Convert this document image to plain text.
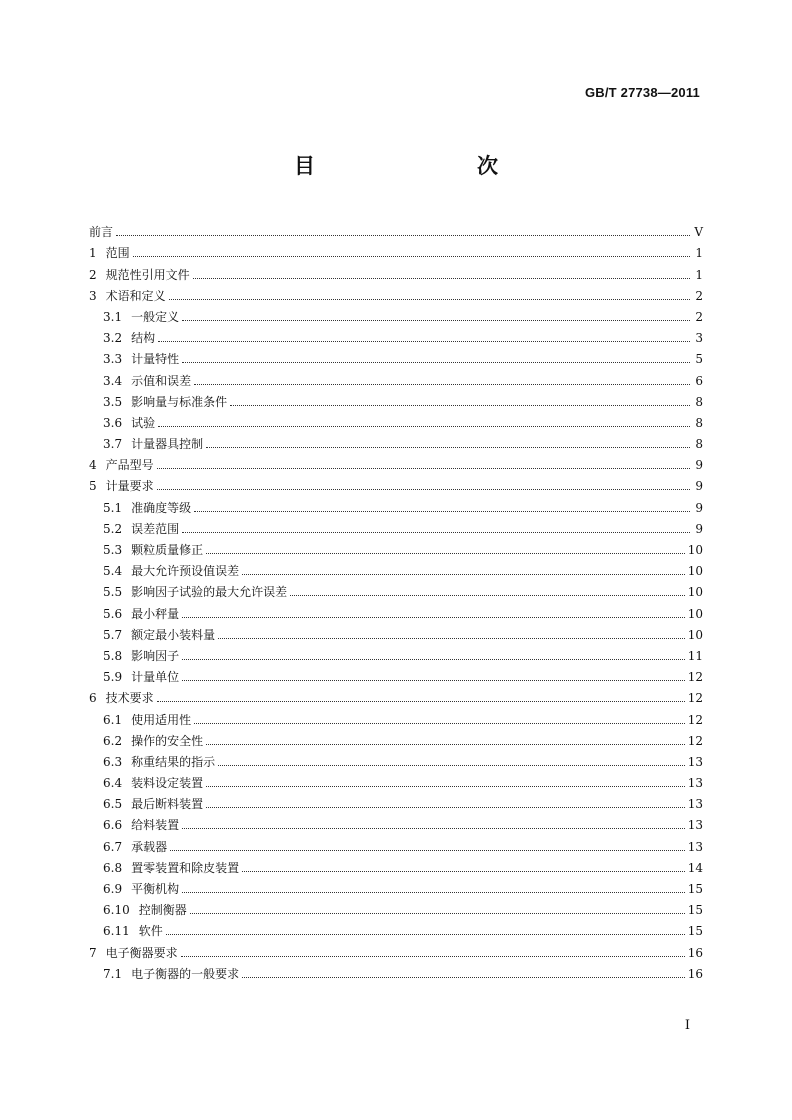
GB/T 27738—2011
目　　次
前言	V
1 范围	1
2 规范性引用文件	1
3 术语和定义	2
3.1 一般定义	2
3.2 结构	3
3.3 计量特性	5
3.4 示值和误差	6
3.5 影响量与标准条件	8
3.6 试验	8
3.7 计量器具控制	8
4 产品型号	9
5 计量要求	9
5.1 准确度等级	9
5.2 误差范围	9
5.3 颗粒质量修正	10
5.4 最大允许预设值误差	10
5.5 影响因子试验的最大允许误差	10
5.6 最小秤量	10
5.7 额定最小装料量	10
5.8 影响因子	11
5.9 计量单位	12
6 技术要求	12
6.1 使用适用性	12
6.2 操作的安全性	12
6.3 称重结果的指示	13
6.4 装料设定装置	13
6.5 最后断料装置	13
6.6 给料装置	13
6.7 承载器	13
6.8 置零装置和除皮装置	14
6.9 平衡机构	15
6.10 控制衡器	15
6.11 软件	15
7 电子衡器要求	16
7.1 电子衡器的一般要求	16
I
